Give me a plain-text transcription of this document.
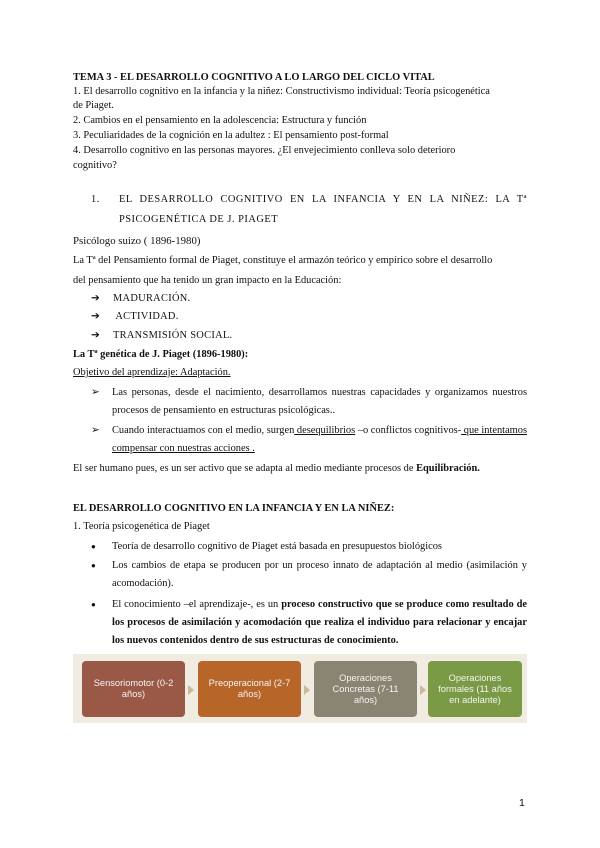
TEMA 3 - EL DESARROLLO COGNITIVO A LO LARGO DEL CICLO VITAL
1. El desarrollo cognitivo en la infancia y la niñez: Constructivismo individual: Teoría psicogenética
de Piaget.
2. Cambios en el pensamiento en la adolescencia: Estructura y función
3. Peculiaridades de la cognición en la adultez : El pensamiento post-formal
4. Desarrollo cognitivo en las personas mayores. ¿El envejecimiento conlleva solo deterioro
cognitivo?
1. EL DESARROLLO COGNITIVO EN LA INFANCIA Y EN LA NIÑEZ: LA Tª
PSICOGENÉTICA DE J. PIAGET
Psicólogo suizo ( 1896-1980)
La Tª del Pensamiento formal de Piaget, constituye el armazón teórico y empírico sobre el desarrollo
del pensamiento que ha tenido un gran impacto en la Educación:
➔ MADURACIÓN.
➔ ACTIVIDAD.
➔ TRANSMISIÓN SOCIAL.
La Tª genética de J. Piaget (1896-1980):
Objetivo del aprendizaje: Adaptación.
➢ Las personas, desde el nacimiento, desarrollamos nuestras capacidades y organizamos nuestros procesos de pensamiento en estructuras psicológicas..
➢ Cuando interactuamos con el medio, surgen desequilibrios –o conflictos cognitivos- que intentamos compensar con nuestras acciones .
El ser humano pues, es un ser activo que se adapta al medio mediante procesos de Equilibración.
EL DESARROLLO COGNITIVO EN LA INFANCIA Y EN LA NIÑEZ:
1. Teoría psicogenética de Piaget
● Teoría de desarrollo cognitivo de Piaget está basada en presupuestos biológicos
● Los cambios de etapa se producen por un proceso innato de adaptación al medio (asimilación y acomodación).
● El conocimiento –el aprendizaje-, es un proceso constructivo que se produce como resultado de los procesos de asimilación y acomodación que realiza el individuo para relacionar y encajar los nuevos contenidos dentro de sus estructuras de conocimiento.
Sensoriomotor (0-2 años)
Preoperacional (2-7 años)
Operaciones Concretas (7-11 años)
Operaciones formales (11 años en adelante)
1
